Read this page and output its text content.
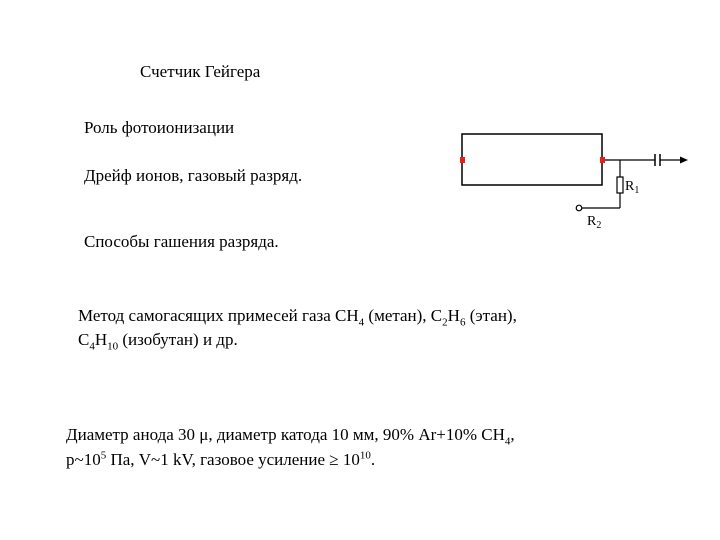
Счетчик Гейгера
Роль фотоионизации
Дрейф ионов, газовый разряд.
Способы гашения разряда.
Метод самогасящих примесей газа $CH_4$ (метан), $C_2H_6$ (этан),
$C_4H_{10}$ (изобутан) и др.
Диаметр анода 30 μ, диаметр катода 10 мм, 90% Ar+10% $CH_4$,
$p\sim 10^5$ Па, V~1 kV, газовое усиление ≥ $10^{10}$.
$R_1$
$R_2$
